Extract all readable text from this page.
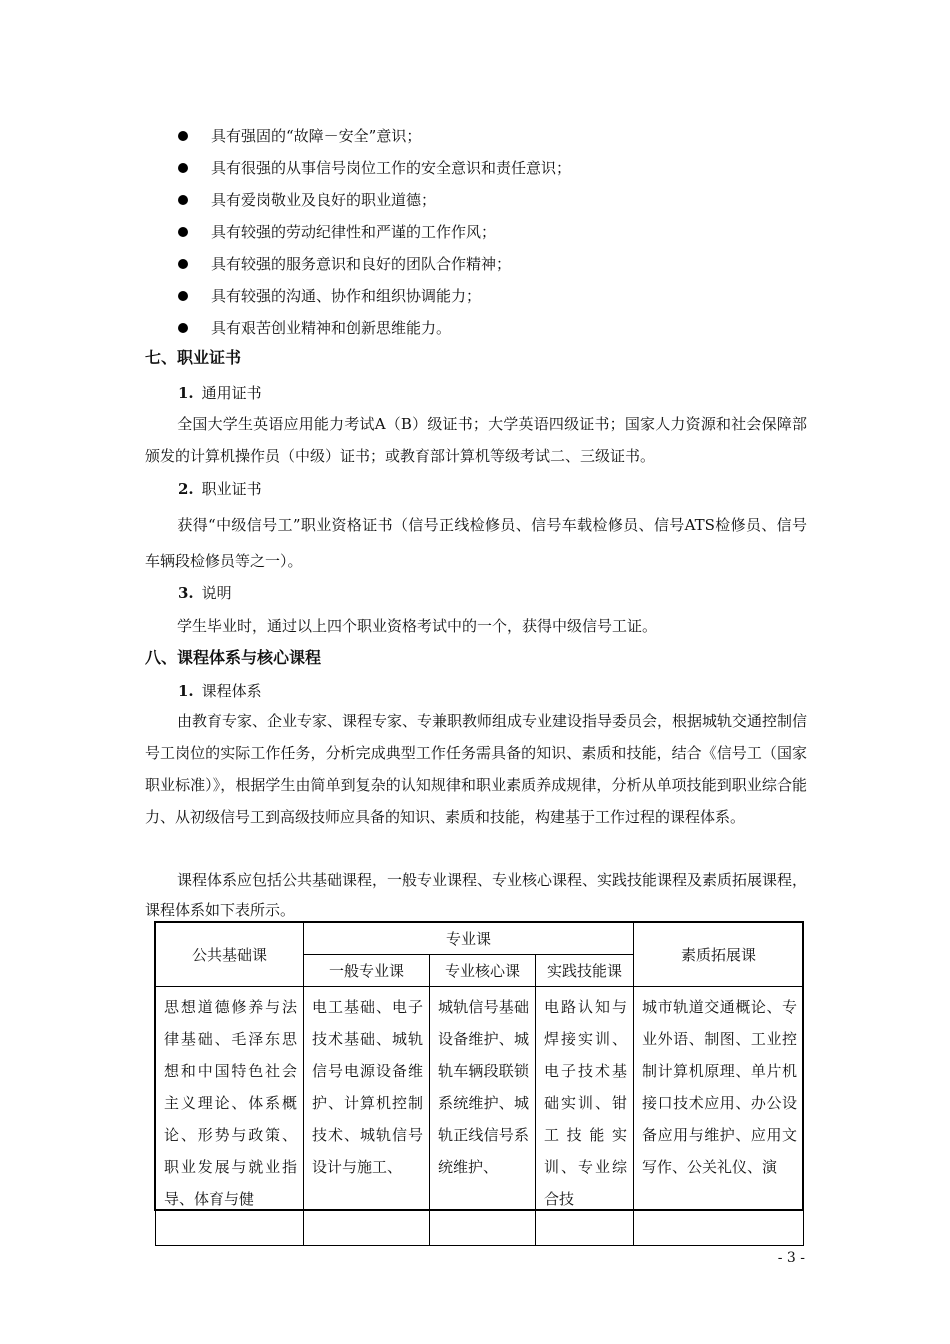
具有强固的“故障－安全”意识；
具有很强的从事信号岗位工作的安全意识和责任意识；
具有爱岗敬业及良好的职业道德；
具有较强的劳动纪律性和严谨的工作作风；
具有较强的服务意识和良好的团队合作精神；
具有较强的沟通、协作和组织协调能力；
具有艰苦创业精神和创新思维能力。
七、职业证书
1. 通用证书
全国大学生英语应用能力考试A（B）级证书；大学英语四级证书；国家人力资源和社会保障部颁发的计算机操作员（中级）证书；或教育部计算机等级考试二、三级证书。
2. 职业证书
获得“中级信号工”职业资格证书（信号正线检修员、信号车载检修员、信号ATS检修员、信号车辆段检修员等之一）。
3. 说明
学生毕业时，通过以上四个职业资格考试中的一个，获得中级信号工证。
八、课程体系与核心课程
1. 课程体系
由教育专家、企业专家、课程专家、专兼职教师组成专业建设指导委员会，根据城轨交通控制信号工岗位的实际工作任务，分析完成典型工作任务需具备的知识、素质和技能，结合《信号工（国家职业标准）》，根据学生由简单到复杂的认知规律和职业素质养成规律，分析从单项技能到职业综合能力、从初级信号工到高级技师应具备的知识、素质和技能，构建基于工作过程的课程体系。
课程体系应包括公共基础课程，一般专业课程、专业核心课程、实践技能课程及素质拓展课程，课程体系如下表所示。
公共基础课	专业课			素质拓展课
	一般专业课	专业核心课	实践技能课	
思想道德修养与法律基础、毛泽东思想和中国特色社会主义理论、体系概论、形势与政策、职业发展与就业指导、体育与健	电工基础、电子技术基础、城轨信号电源设备维护、计算机控制技术、城轨信号设计与施工、	城轨信号基础设备维护、城轨车辆段联锁系统维护、城轨正线信号系统维护、	电路认知与焊接实训、电子技术基础实训、钳工技能实训、专业综合技	城市轨道交通概论、专业外语、制图、工业控制计算机原理、单片机接口技术应用、办公设备应用与维护、应用文写作、公关礼仪、演
- 3 -
